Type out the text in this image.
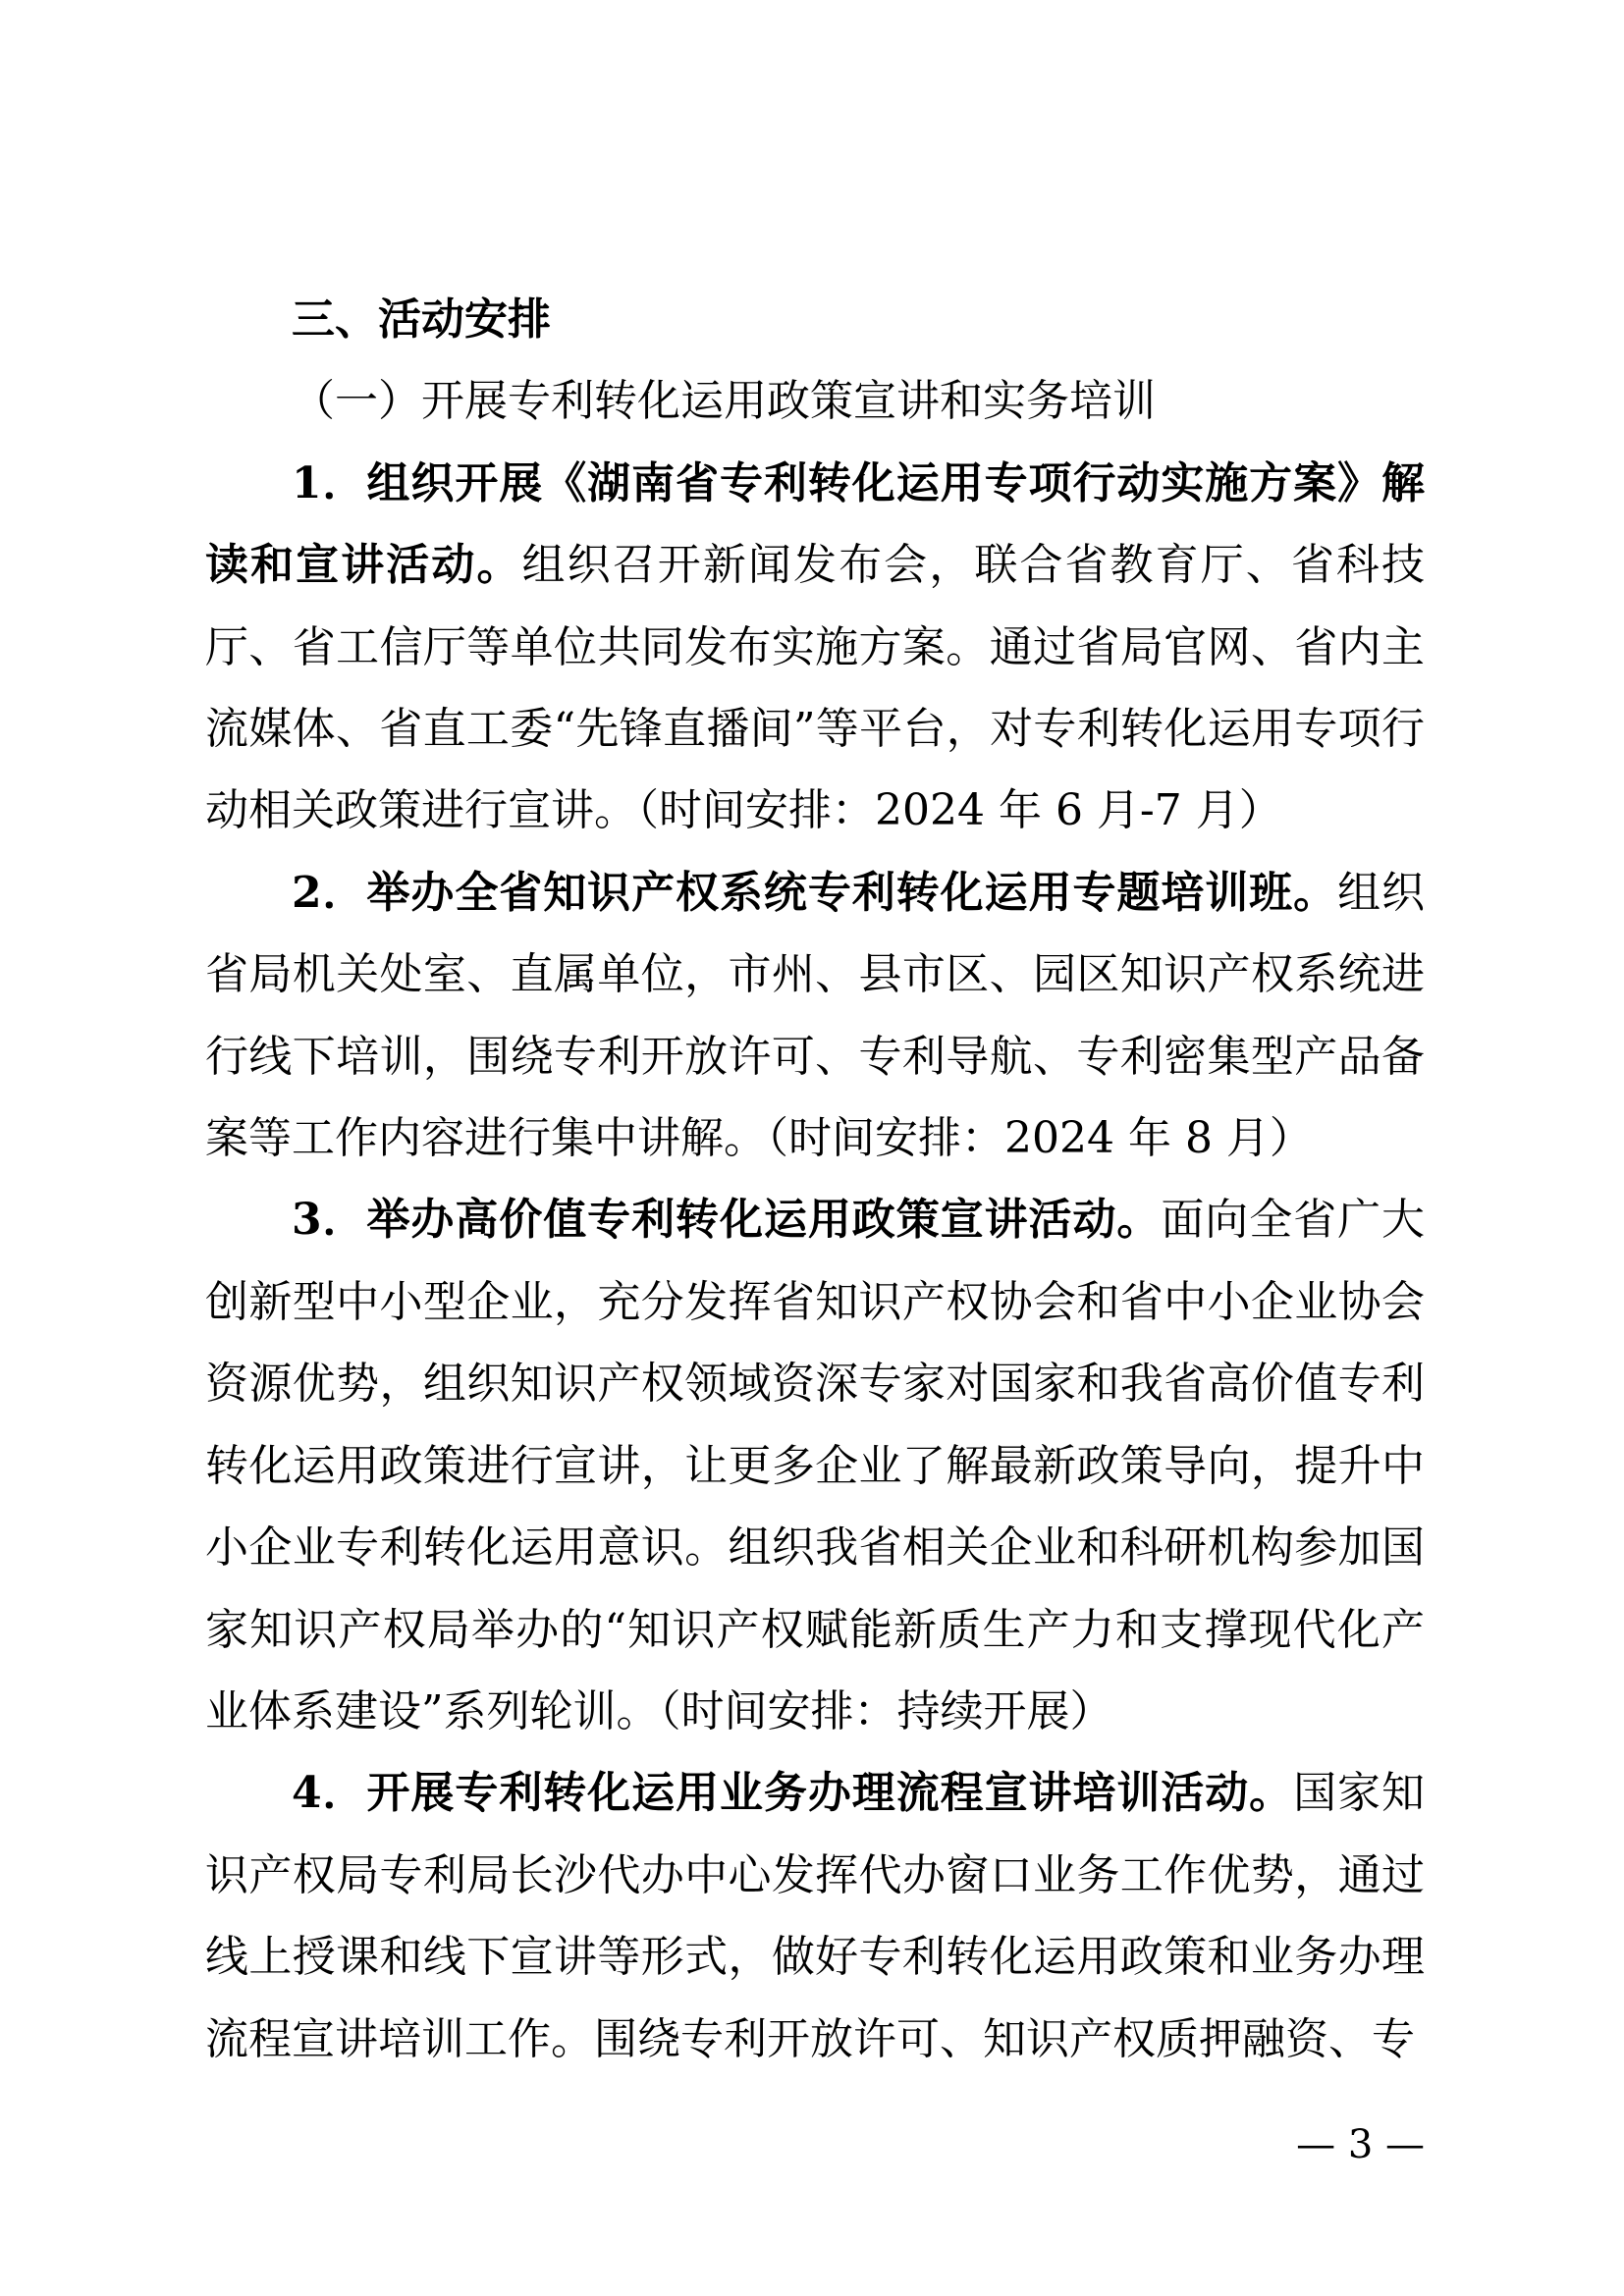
三、活动安排

（一）开展专利转化运用政策宣讲和实务培训

1．组织开展《湖南省专利转化运用专项行动实施方案》解读和宣讲活动。组织召开新闻发布会，联合省教育厅、省科技厅、省工信厅等单位共同发布实施方案。通过省局官网、省内主流媒体、省直工委“先锋直播间”等平台，对专利转化运用专项行动相关政策进行宣讲。（时间安排：2024 年 6 月-7 月）

2．举办全省知识产权系统专利转化运用专题培训班。组织省局机关处室、直属单位，市州、县市区、园区知识产权系统进行线下培训，围绕专利开放许可、专利导航、专利密集型产品备案等工作内容进行集中讲解。（时间安排：2024 年 8 月）

3．举办高价值专利转化运用政策宣讲活动。面向全省广大创新型中小型企业，充分发挥省知识产权协会和省中小企业协会资源优势，组织知识产权领域资深专家对国家和我省高价值专利转化运用政策进行宣讲，让更多企业了解最新政策导向，提升中小企业专利转化运用意识。组织我省相关企业和科研机构参加国家知识产权局举办的“知识产权赋能新质生产力和支撑现代化产业体系建设”系列轮训。（时间安排：持续开展）

4．开展专利转化运用业务办理流程宣讲培训活动。国家知识产权局专利局长沙代办中心发挥代办窗口业务工作优势，通过线上授课和线下宣讲等形式，做好专利转化运用政策和业务办理流程宣讲培训工作。围绕专利开放许可、知识产权质押融资、专

— 3 —
